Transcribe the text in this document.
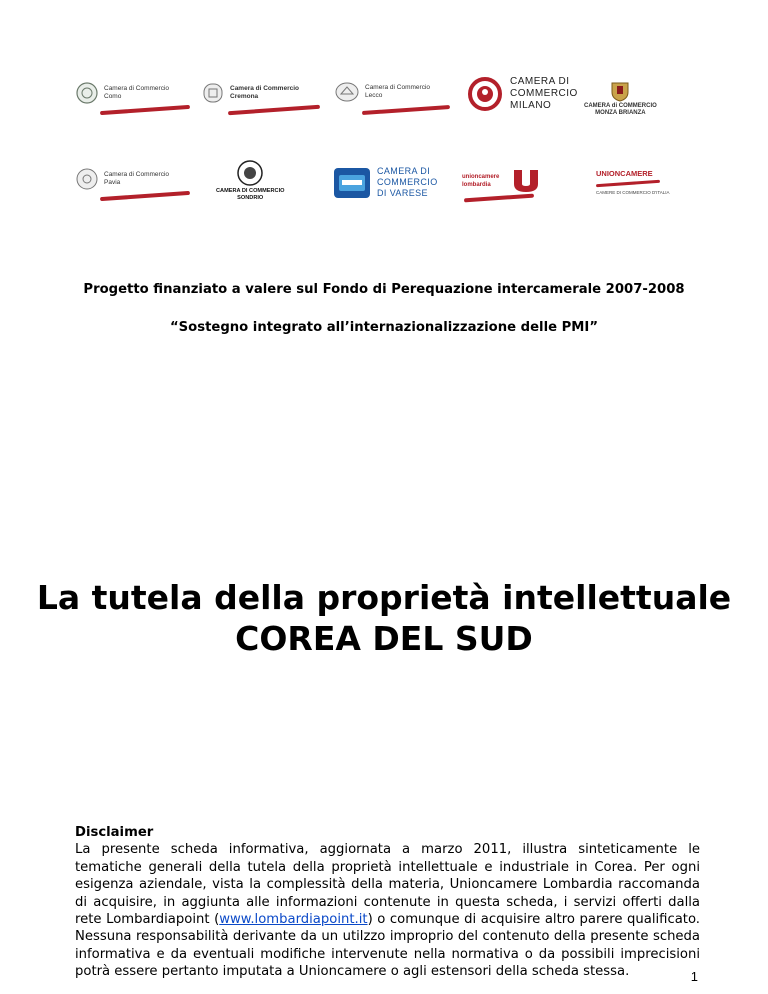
Camera di Commercio
Como
Camera di Commercio
Cremona
Camera di Commercio
Lecco
CAMERA DI
COMMERCIO
MILANO	CAMERA di COMMERCIO
MONZA BRIANZA
Camera di Commercio
Pavia
CAMERA DI COMMERCIO
SONDRIO
CAMERA DI
COMMERCIO
DI VARESE
unioncamere lombardia
UNIONCAMERE
CAMERE DI COMMERCIO D'ITALIA
Progetto finanziato a valere sul Fondo di Perequazione intercamerale 2007-2008
“Sostegno integrato all’internazionalizzazione delle PMI”
La tutela della proprietà intellettuale
COREA DEL SUD
Disclaimer
La presente scheda informativa, aggiornata a marzo 2011, illustra sinteticamente le tematiche generali della tutela della proprietà intellettuale e industriale in Corea. Per ogni esigenza aziendale, vista la complessità della materia, Unioncamere Lombardia raccomanda di acquisire, in aggiunta alle informazioni contenute in questa scheda, i servizi offerti dalla rete Lombardiapoint (www.lombardiapoint.it) o comunque di acquisire altro parere qualificato. Nessuna responsabilità derivante da un utilzzo improprio del contenuto della presente scheda informativa e da eventuali modifiche intervenute nella normativa o da possibili imprecisioni potrà essere pertanto imputata a Unioncamere o agli estensori della scheda stessa.	1
